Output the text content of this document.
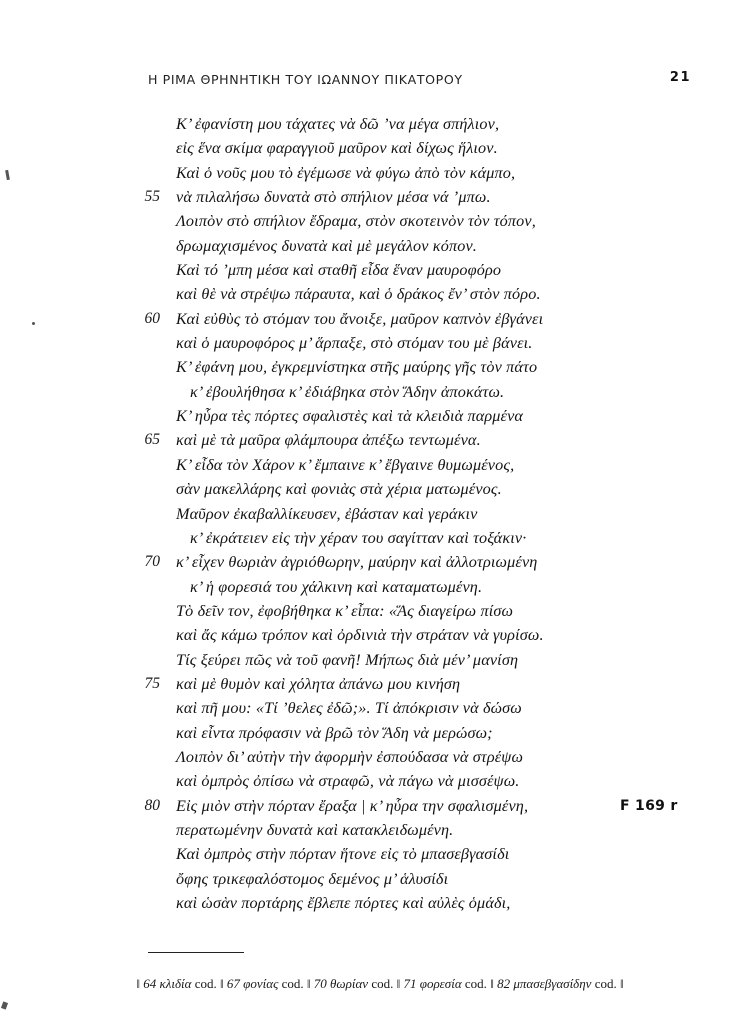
Η ΡΙΜΑ ΘΡΗΝΗΤΙΚΗ ΤΟΥ ΙΩΑΝΝΟΥ ΠΙΚΑΤΟΡΟΥ	21
Κ’ ἐφανίστη μου τάχατες νὰ δῶ ’να μέγα σπήλιον,
εἰς ἕνα σκίμα φαραγγιοῦ μαῦρον καὶ δίχως ἥλιον.
Καὶ ὁ νοῦς μου τὸ ἐγέμωσε νὰ φύγω ἀπὸ τὸν κάμπο,
55 νὰ πιλαλήσω δυνατὰ στὸ σπήλιον μέσα νά ’μπω.
Λοιπὸν στὸ σπήλιον ἔδραμα, στὸν σκοτεινὸν τὸν τόπον,
δρωμαχισμένος δυνατὰ καὶ μὲ μεγάλον κόπον.
Καὶ τό ’μπη μέσα καὶ σταθῆ εἶδα ἕναν μαυροφόρο
καὶ θὲ νὰ στρέψω πάραυτα, καὶ ὁ δράκος ἔν’ στὸν πόρο.
60 Καὶ εὐθὺς τὸ στόμαν του ἄνοιξε, μαῦρον καπνὸν ἐβγάνει
καὶ ὁ μαυροφόρος μ’ ἅρπαξε, στὸ στόμαν του μὲ βάνει.
Κ’ ἐφάνη μου, ἐγκρεμνίστηκα στῆς μαύρης γῆς τὸν πάτο
κ’ ἐβουλήθησα κ’ ἐδιάβηκα στὸν Ἅδην ἀποκάτω.
Κ’ ηὗρα τὲς πόρτες σφαλιστὲς καὶ τὰ κλειδιὰ παρμένα
65 καὶ μὲ τὰ μαῦρα φλάμπουρα ἀπέξω τεντωμένα.
Κ’ εἶδα τὸν Χάρον κ’ ἔμπαινε κ’ ἔβγαινε θυμωμένος,
σὰν μακελλάρης καὶ φονιὰς στὰ χέρια ματωμένος.
Μαῦρον ἐκαβαλλίκευσεν, ἐβάσταν καὶ γεράκιν
κ’ ἐκράτειεν εἰς τὴν χέραν του σαγίτταν καὶ τοξάκιν·
70 κ’ εἶχεν θωριὰν ἀγριόθωρην, μαύρην καὶ ἀλλοτριωμένη
κ’ ἡ φορεσιά του χάλκινη καὶ καταματωμένη.
Τὸ δεῖν τον, ἐφοβήθηκα κ’ εἶπα: «Ἅς διαγείρω πίσω
καὶ ἄς κάμω τρόπον καὶ ὀρδινιὰ τὴν στράταν νὰ γυρίσω.
Τίς ξεύρει πῶς νὰ τοῦ φανῆ! Μήπως διὰ μέν’ μανίση
75 καὶ μὲ θυμὸν καὶ χόλητα ἀπάνω μου κινήση
καὶ πῆ μου: «Τί ’θελες ἐδῶ;». Τί ἀπόκρισιν νὰ δώσω
καὶ εἶντα πρόφασιν νὰ βρῶ τὸν Ἅδη νὰ μερώσω;
Λοιπὸν δι’ αὐτὴν τὴν ἀφορμὴν ἐσπούδασα νὰ στρέψω
καὶ ὀμπρὸς ὀπίσω νὰ στραφῶ, νὰ πάγω νὰ μισσέψω.
80 Εἰς μιὸν στὴν πόρταν ἔραξα | κ’ ηὗρα την σφαλισμένη,	F 169 r
περατωμένην δυνατὰ καὶ κατακλειδωμένη.
Καὶ ὀμπρὸς στὴν πόρταν ἥτονε εἰς τὸ μπασεβγασίδι
ὄφης τρικεφαλόστομος δεμένος μ’ ἁλυσίδι
καὶ ὡσὰν πορτάρης ἔβλεπε πόρτες καὶ αὐλὲς ὁμάδι,
‖ 64 κλιδία cod. ‖ 67 φονίας cod. ‖ 70 θωρίαν cod. ‖ 71 φορεσία cod. ‖ 82 μπασεβγασίδην cod. ‖
